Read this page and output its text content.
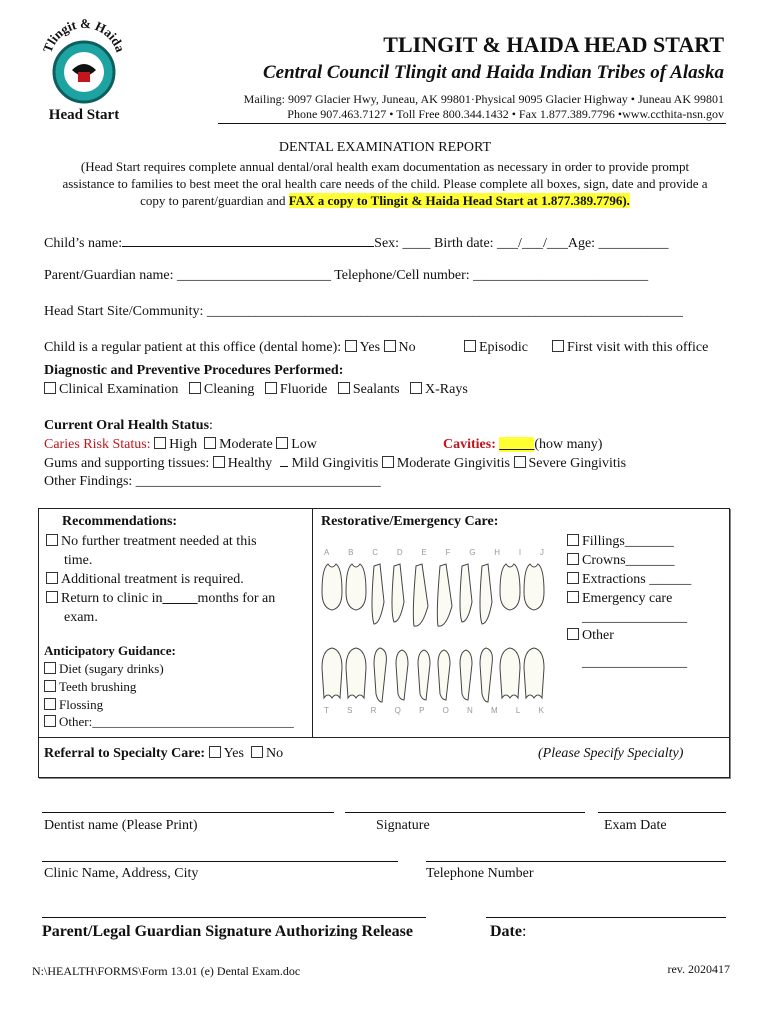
Tlingit & Haida
Head Start
TLINGIT & HAIDA HEAD START
Central Council Tlingit and Haida Indian Tribes of Alaska
Mailing: 9097 Glacier Hwy, Juneau, AK 99801·Physical 9095 Glacier Highway • Juneau AK 99801
Phone 907.463.7127 • Toll Free 800.344.1432 • Fax 1.877.389.7796 •www.ccthita-nsn.gov
DENTAL EXAMINATION REPORT
(Head Start requires complete annual dental/oral health exam documentation as necessary in order to provide prompt
assistance to families to best meet the oral health care needs of the child. Please complete all boxes, sign, date and provide a
copy to parent/guardian and FAX a copy to Tlingit & Haida Head Start at 1.877.389.7796).
Child’s name:	Sex: ____ Birth date: ___/___/___Age: __________
Parent/Guardian name: ______________________ Telephone/Cell number: _________________________
Head Start Site/Community: ____________________________________________________________________
Child is a regular patient at this office (dental home): Yes No	Episodic	First visit with this office
Diagnostic and Preventive Procedures Performed:
Clinical Examination Cleaning Fluoride Sealants X-Rays
Current Oral Health Status:
Caries Risk Status: High Moderate Low	Cavities: _____(how many)
Gums and supporting tissues: Healthy Mild Gingivitis Moderate Gingivitis Severe Gingivitis
Other Findings: ___________________________________
Recommendations:
No further treatment needed at this
time.
Additional treatment is required.
Return to clinic in_____months for an
exam.
Anticipatory Guidance:
Diet (sugary drinks)
Teeth brushing
Flossing
Other:_______________________________
Restorative/Emergency Care:
A B C D E F G H I J
T S R Q P O N M L K
Fillings_______
Crowns_______
Extractions ______
Emergency care
_______________
Other
_______________
Referral to Specialty Care: Yes No	(Please Specify Specialty)
Dentist name (Please Print)	Signature	Exam Date
Clinic Name, Address, City	Telephone Number
Parent/Legal Guardian Signature Authorizing Release	Date:
N:\HEALTH\FORMS\Form 13.01 (e) Dental Exam.doc	rev. 2020417
